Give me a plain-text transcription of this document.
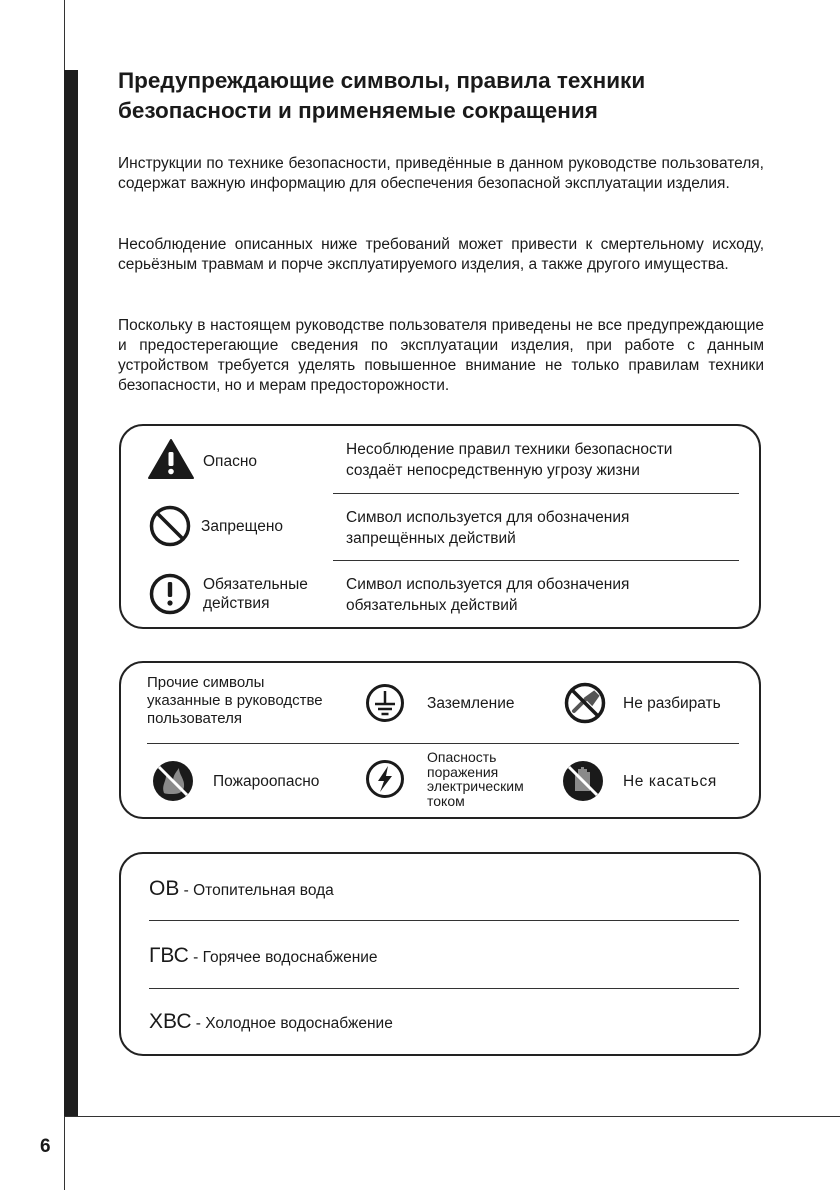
6
Предупреждающие символы, правила техники
безопасности и применяемые сокращения

Инструкции по технике безопасности, приведённые в данном руководстве пользователя, содержат важную информацию для обеспечения безопасной эксплуатации изделия.

Несоблюдение описанных ниже требований может привести к смертельному исходу, серьёзным травмам и порче эксплуатируемого изделия, а также другого имущества.

Поскольку в настоящем руководстве пользователя приведены не все предупреждающие и предостерегающие сведения по эксплуатации изделия, при работе с данным устройством требуется уделять повышенное внимание не только правилам техники безопасности, но и мерам предосторожности.

Опасно
Несоблюдение правил техники безопасности
создаёт непосредственную угрозу жизни
Запрещено
Символ используется для обозначения
запрещённых действий
Обязательные
действия
Символ используется для обозначения
обязательных действий
Прочие символы
указанные в руководстве
пользователя
Заземление	Не разбирать
Пожароопасно
Опасность
поражения
электрическим
током
Не касаться
ОВ - Отопительная вода
ГВС - Горячее водоснабжение
ХВС - Холодное водоснабжение
